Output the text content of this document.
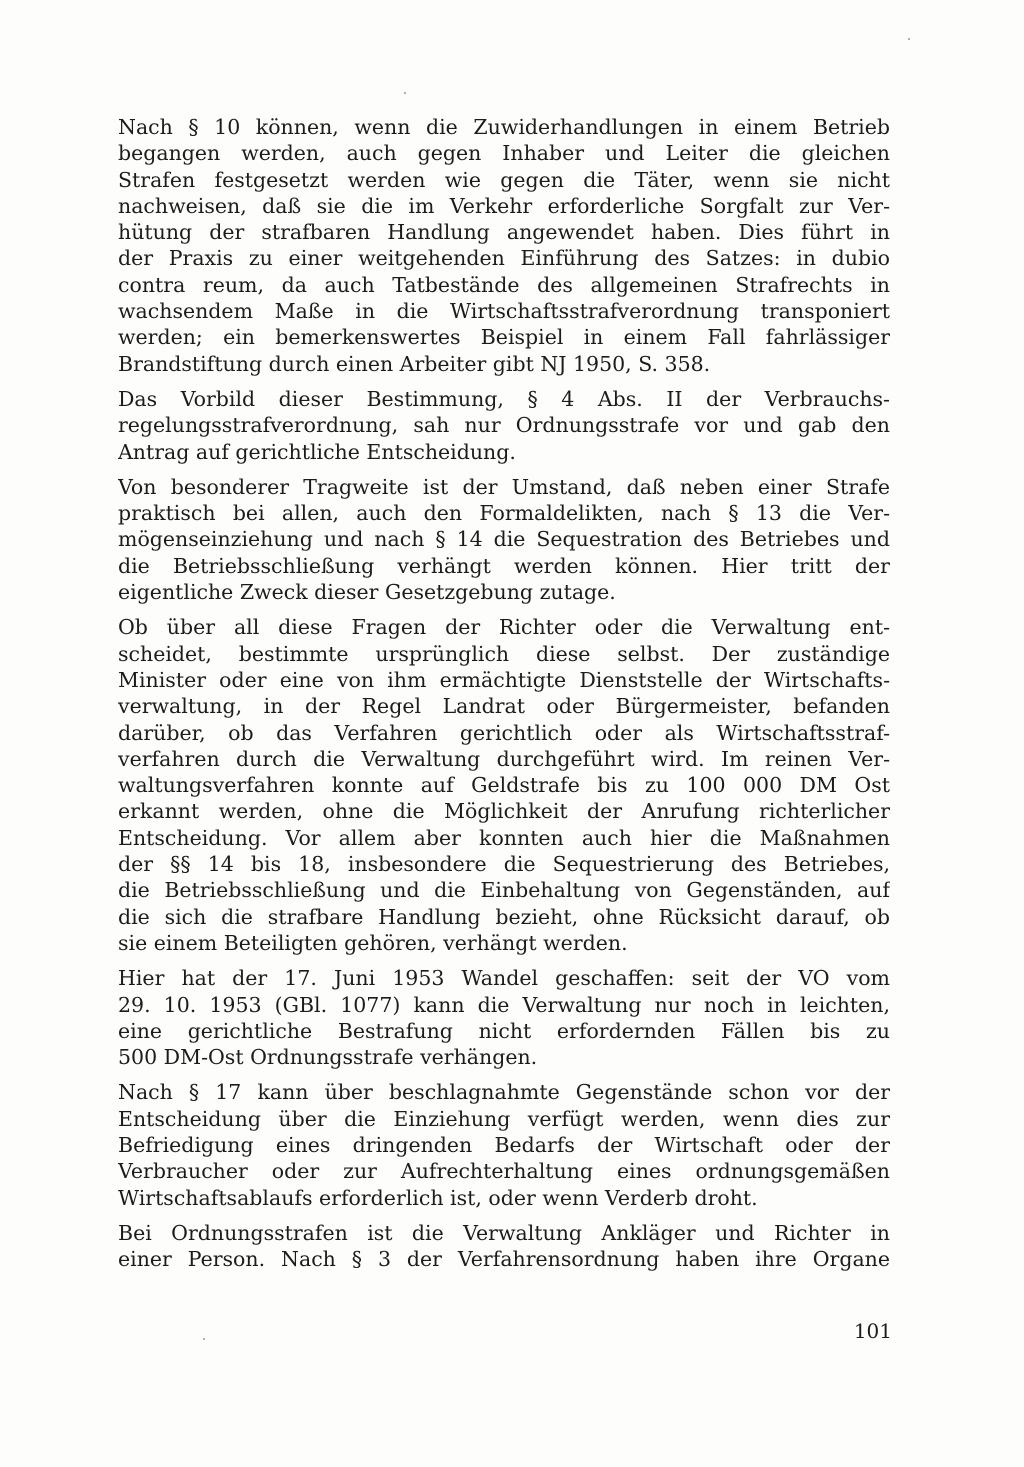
Nach § 10 können, wenn die Zuwiderhandlungen in einem Betrieb
begangen werden, auch gegen Inhaber und Leiter die gleichen
Strafen festgesetzt werden wie gegen die Täter, wenn sie nicht
nachweisen, daß sie die im Verkehr erforderliche Sorgfalt zur Ver-
hütung der strafbaren Handlung angewendet haben. Dies führt in
der Praxis zu einer weitgehenden Einführung des Satzes: in dubio
contra reum, da auch Tatbestände des allgemeinen Strafrechts in
wachsendem Maße in die Wirtschaftsstrafverordnung transponiert
werden; ein bemerkenswertes Beispiel in einem Fall fahrlässiger
Brandstiftung durch einen Arbeiter gibt NJ 1950, S. 358.
Das Vorbild dieser Bestimmung, § 4 Abs. II der Verbrauchs-
regelungsstrafverordnung, sah nur Ordnungsstrafe vor und gab den
Antrag auf gerichtliche Entscheidung.
Von besonderer Tragweite ist der Umstand, daß neben einer Strafe
praktisch bei allen, auch den Formaldelikten, nach § 13 die Ver-
mögenseinziehung und nach § 14 die Sequestration des Betriebes und
die Betriebsschließung verhängt werden können. Hier tritt der
eigentliche Zweck dieser Gesetzgebung zutage.
Ob über all diese Fragen der Richter oder die Verwaltung ent-
scheidet, bestimmte ursprünglich diese selbst. Der zuständige
Minister oder eine von ihm ermächtigte Dienststelle der Wirtschafts-
verwaltung, in der Regel Landrat oder Bürgermeister, befanden
darüber, ob das Verfahren gerichtlich oder als Wirtschaftsstraf-
verfahren durch die Verwaltung durchgeführt wird. Im reinen Ver-
waltungsverfahren konnte auf Geldstrafe bis zu 100 000 DM Ost
erkannt werden, ohne die Möglichkeit der Anrufung richterlicher
Entscheidung. Vor allem aber konnten auch hier die Maßnahmen
der §§ 14 bis 18, insbesondere die Sequestrierung des Betriebes,
die Betriebsschließung und die Einbehaltung von Gegenständen, auf
die sich die strafbare Handlung bezieht, ohne Rücksicht darauf, ob
sie einem Beteiligten gehören, verhängt werden.
Hier hat der 17. Juni 1953 Wandel geschaffen: seit der VO vom
29. 10. 1953 (GBl. 1077) kann die Verwaltung nur noch in leichten,
eine gerichtliche Bestrafung nicht erfordernden Fällen bis zu
500 DM-Ost Ordnungsstrafe verhängen.
Nach § 17 kann über beschlagnahmte Gegenstände schon vor der
Entscheidung über die Einziehung verfügt werden, wenn dies zur
Befriedigung eines dringenden Bedarfs der Wirtschaft oder der
Verbraucher oder zur Aufrechterhaltung eines ordnungsgemäßen
Wirtschaftsablaufs erforderlich ist, oder wenn Verderb droht.
Bei Ordnungsstrafen ist die Verwaltung Ankläger und Richter in
einer Person. Nach § 3 der Verfahrensordnung haben ihre Organe
101
